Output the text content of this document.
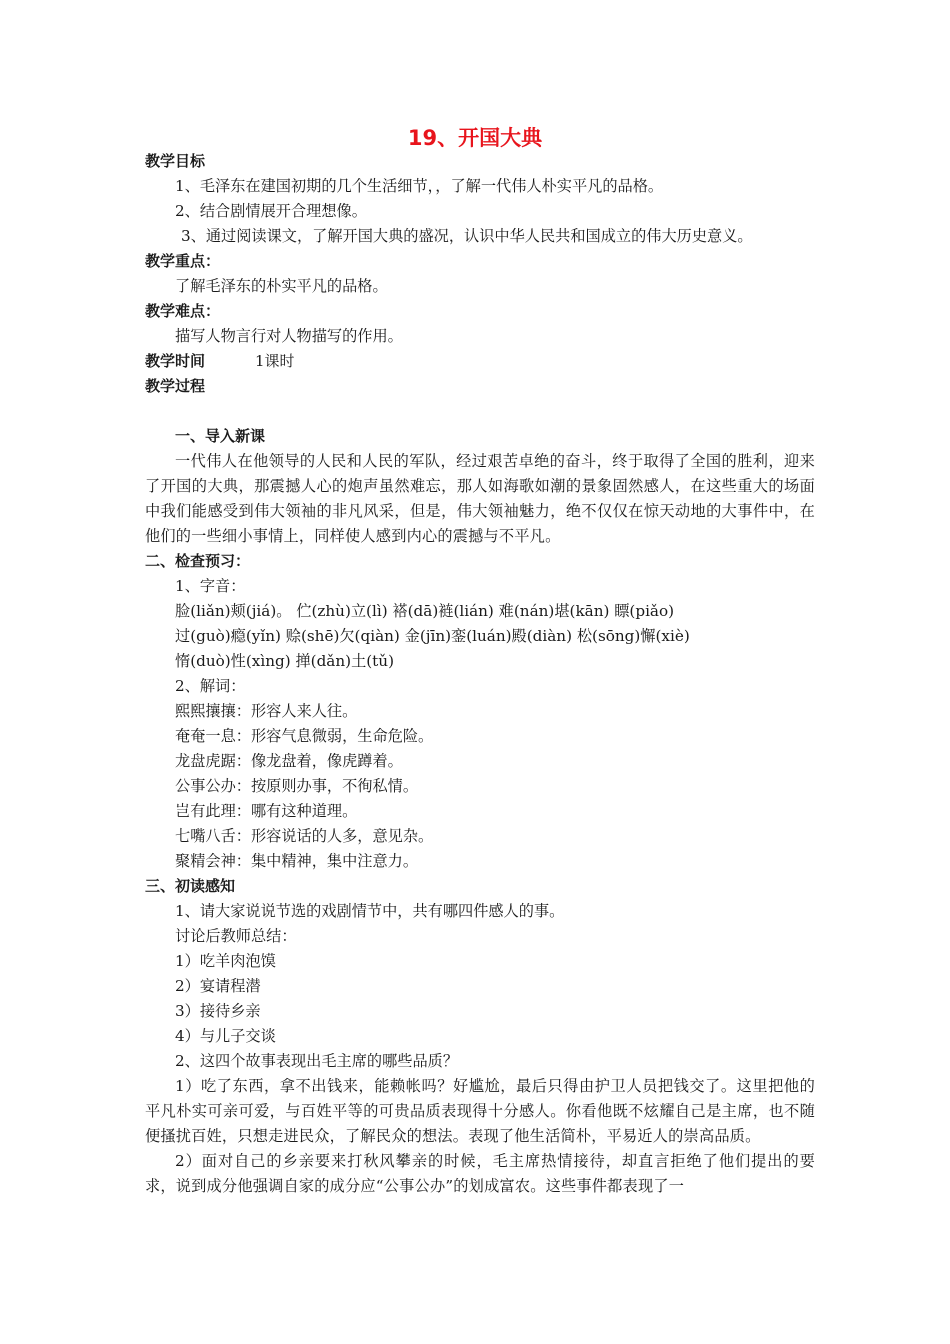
19、开国大典
教学目标
1、毛泽东在建国初期的几个生活细节，，了解一代伟人朴实平凡的品格。
2、结合剧情展开合理想像。
3、通过阅读课文，了解开国大典的盛况，认识中华人民共和国成立的伟大历史意义。
教学重点：
了解毛泽东的朴实平凡的品格。
教学难点：
描写人物言行对人物描写的作用。
教学时间	1课时
教学过程
一、导入新课
一代伟人在他领导的人民和人民的军队，经过艰苦卓绝的奋斗，终于取得了全国的胜利，迎来了开国的大典，那震撼人心的炮声虽然难忘，那人如海歌如潮的景象固然感人，在这些重大的场面中我们能感受到伟大领袖的非凡风采，但是，伟大领袖魅力，绝不仅仅在惊天动地的大事件中，在他们的一些细小事情上，同样使人感到内心的震撼与不平凡。
二、检查预习：
1、字音：
脸(liǎn)颊(jiá)。 伫(zhù)立(lì) 褡(dā)裢(lián) 难(nán)堪(kān) 瞟(piǎo)
过(guò)瘾(yǐn) 赊(shē)欠(qiàn) 金(jīn)銮(luán)殿(diàn) 松(sōng)懈(xiè)
惰(duò)性(xìng) 掸(dǎn)土(tǔ)
2、解词：
熙熙攘攘：形容人来人往。
奄奄一息：形容气息微弱，生命危险。
龙盘虎踞：像龙盘着，像虎蹲着。
公事公办：按原则办事，不徇私情。
岂有此理：哪有这种道理。
七嘴八舌：形容说话的人多，意见杂。
聚精会神：集中精神，集中注意力。
三、初读感知
1、请大家说说节选的戏剧情节中，共有哪四件感人的事。
讨论后教师总结：
1）吃羊肉泡馍
2）宴请程潜
3）接待乡亲
4）与儿子交谈
2、这四个故事表现出毛主席的哪些品质？
1）吃了东西，拿不出钱来，能赖帐吗？好尴尬，最后只得由护卫人员把钱交了。这里把他的平凡朴实可亲可爱，与百姓平等的可贵品质表现得十分感人。你看他既不炫耀自己是主席，也不随便搔扰百姓，只想走进民众，了解民众的想法。表现了他生活简朴，平易近人的崇高品质。
2）面对自己的乡亲要来打秋风攀亲的时候，毛主席热情接待，却直言拒绝了他们提出的要求，说到成分他强调自家的成分应“公事公办”的划成富农。这些事件都表现了一
